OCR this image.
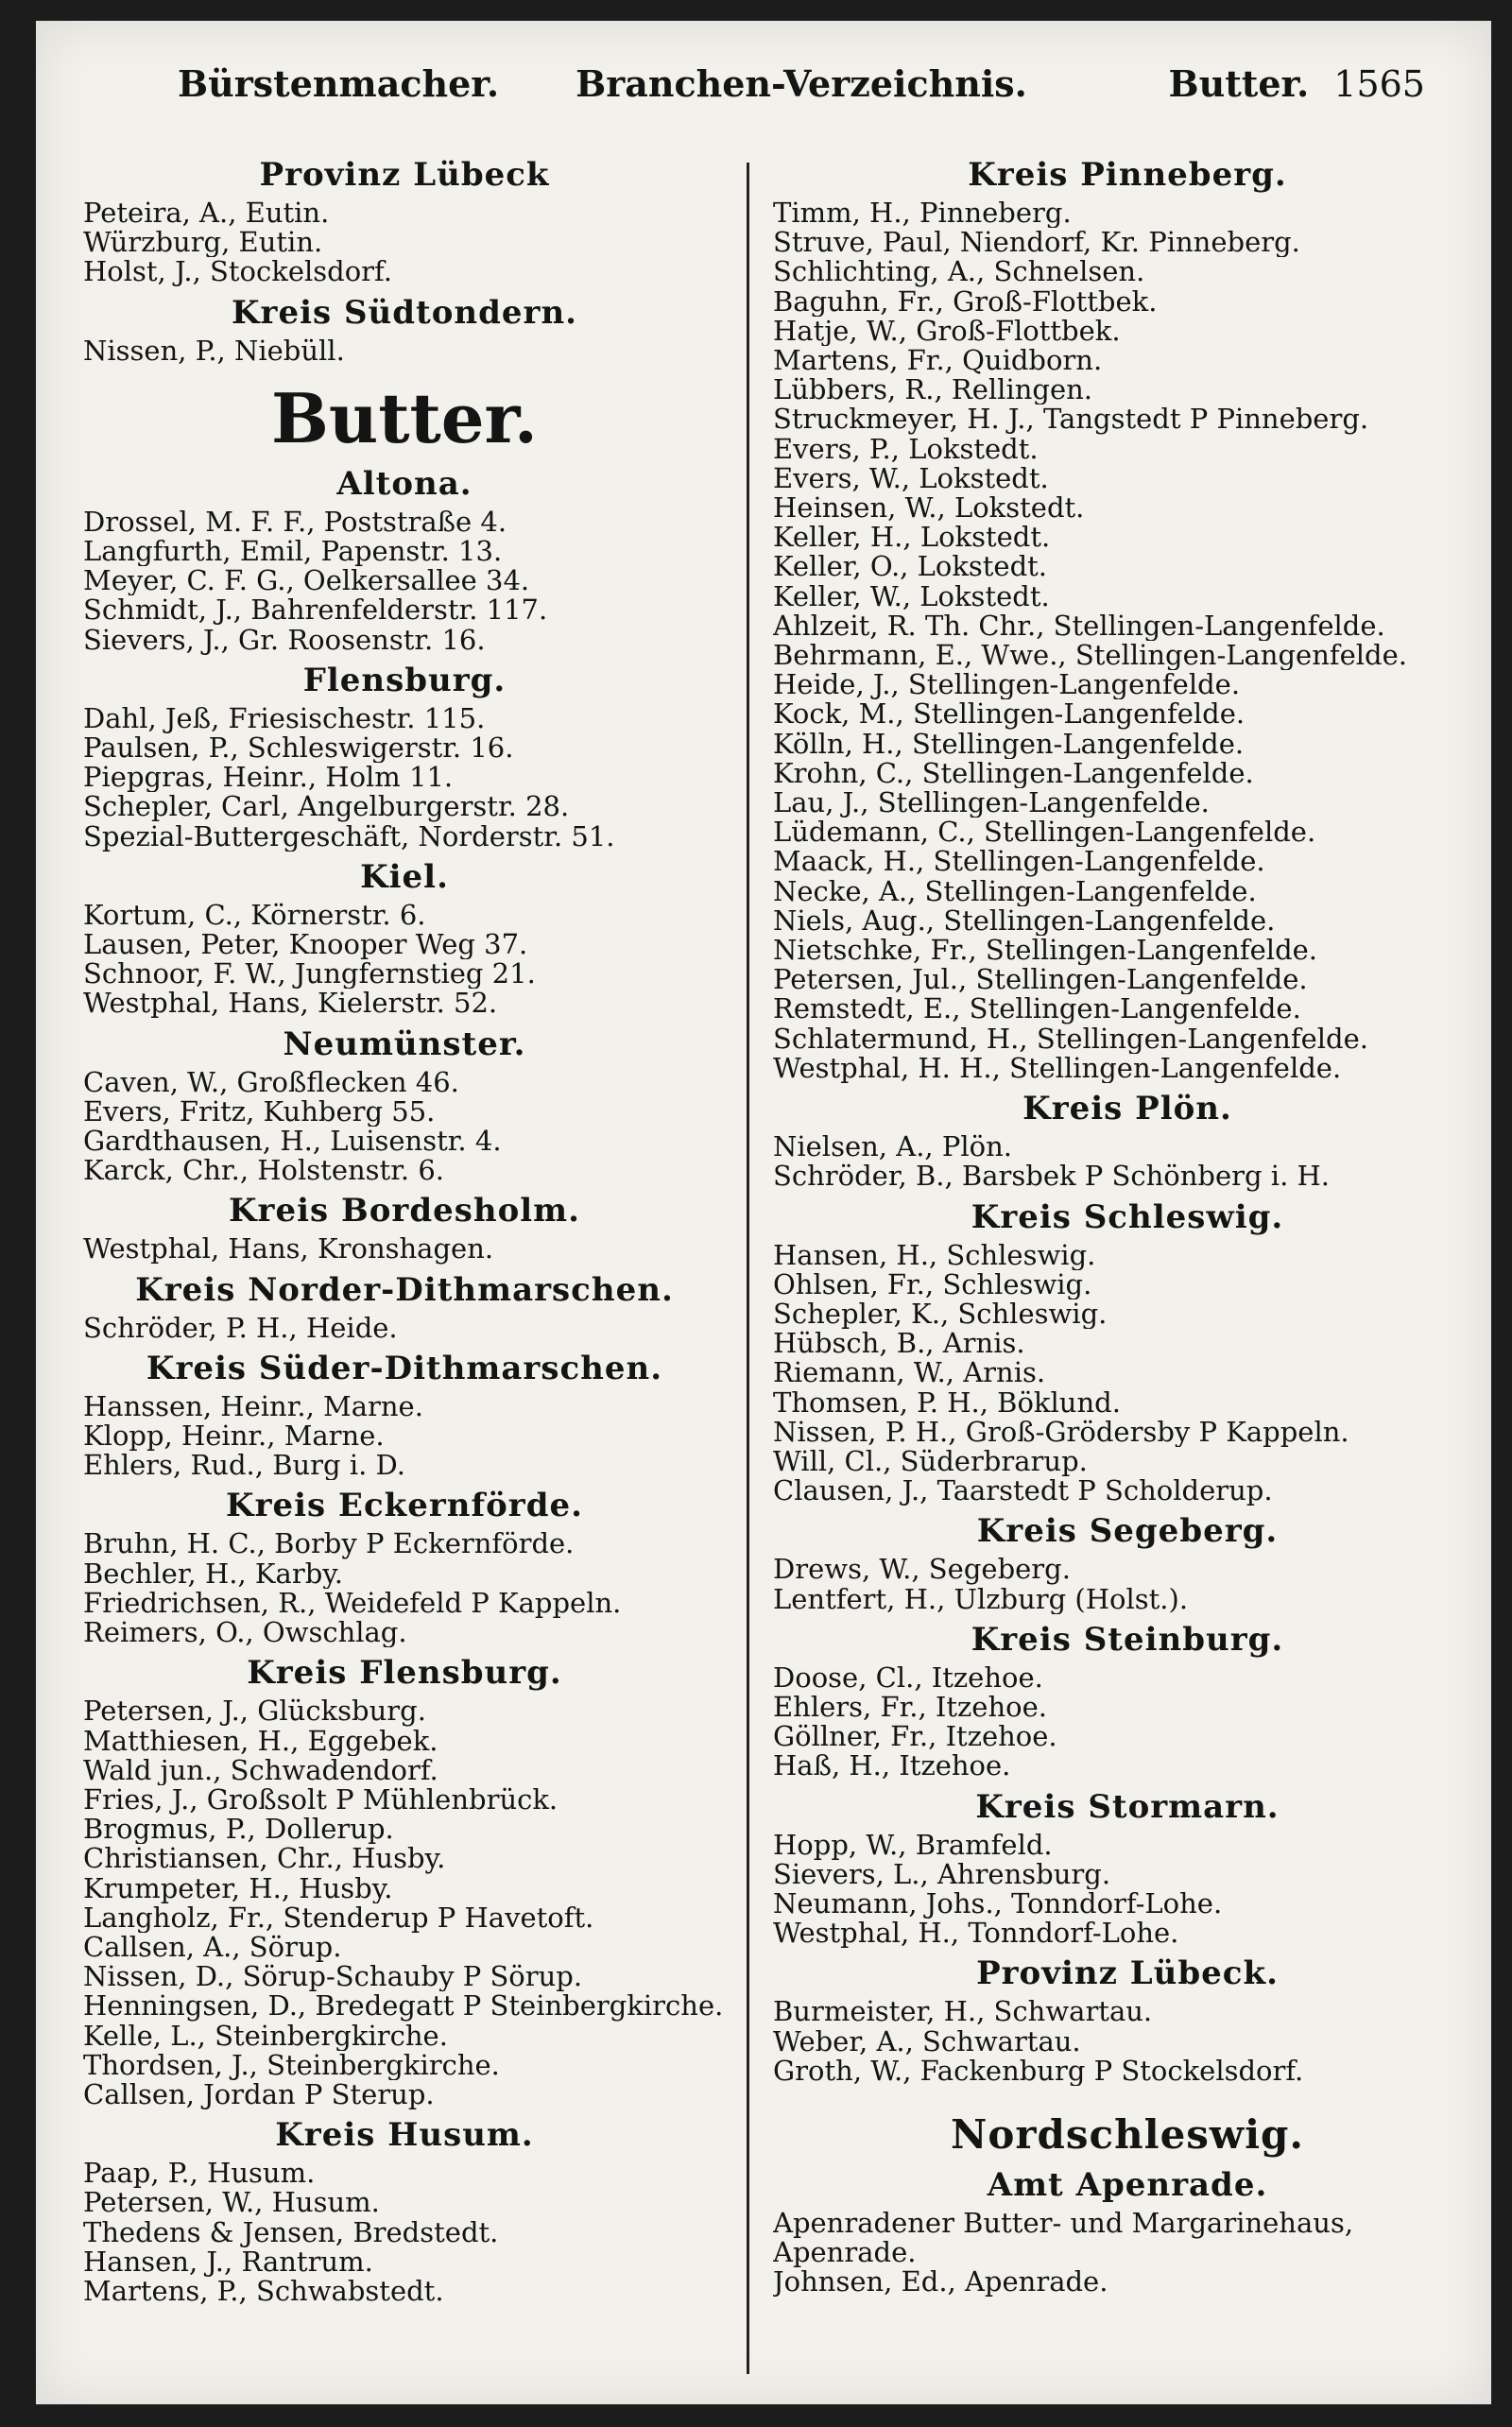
Bürstenmacher.	Branchen-Verzeichnis.	Butter. 1565
Provinz Lübeck
Peteira, A., Eutin.
Würzburg, Eutin.
Holst, J., Stockelsdorf.
Kreis Südtondern.
Nissen, P., Niebüll.
Butter.
Altona.
Drossel, M. F. F., Poststraße 4.
Langfurth, Emil, Papenstr. 13.
Meyer, C. F. G., Oelkersallee 34.
Schmidt, J., Bahrenfelderstr. 117.
Sievers, J., Gr. Roosenstr. 16.
Flensburg.
Dahl, Jeß, Friesischestr. 115.
Paulsen, P., Schleswigerstr. 16.
Piepgras, Heinr., Holm 11.
Schepler, Carl, Angelburgerstr. 28.
Spezial-Buttergeschäft, Norderstr. 51.
Kiel.
Kortum, C., Körnerstr. 6.
Lausen, Peter, Knooper Weg 37.
Schnoor, F. W., Jungfernstieg 21.
Westphal, Hans, Kielerstr. 52.
Neumünster.
Caven, W., Großflecken 46.
Evers, Fritz, Kuhberg 55.
Gardthausen, H., Luisenstr. 4.
Karck, Chr., Holstenstr. 6.
Kreis Bordesholm.
Westphal, Hans, Kronshagen.
Kreis Norder-Dithmarschen.
Schröder, P. H., Heide.
Kreis Süder-Dithmarschen.
Hanssen, Heinr., Marne.
Klopp, Heinr., Marne.
Ehlers, Rud., Burg i. D.
Kreis Eckernförde.
Bruhn, H. C., Borby P Eckernförde.
Bechler, H., Karby.
Friedrichsen, R., Weidefeld P Kappeln.
Reimers, O., Owschlag.
Kreis Flensburg.
Petersen, J., Glücksburg.
Matthiesen, H., Eggebek.
Wald jun., Schwadendorf.
Fries, J., Großsolt P Mühlenbrück.
Brogmus, P., Dollerup.
Christiansen, Chr., Husby.
Krumpeter, H., Husby.
Langholz, Fr., Stenderup P Havetoft.
Callsen, A., Sörup.
Nissen, D., Sörup-Schauby P Sörup.
Henningsen, D., Bredegatt P Steinbergkirche.
Kelle, L., Steinbergkirche.
Thordsen, J., Steinbergkirche.
Callsen, Jordan P Sterup.
Kreis Husum.
Paap, P., Husum.
Petersen, W., Husum.
Thedens & Jensen, Bredstedt.
Hansen, J., Rantrum.
Martens, P., Schwabstedt.
Kreis Pinneberg.
Timm, H., Pinneberg.
Struve, Paul, Niendorf, Kr. Pinneberg.
Schlichting, A., Schnelsen.
Baguhn, Fr., Groß-Flottbek.
Hatje, W., Groß-Flottbek.
Martens, Fr., Quidborn.
Lübbers, R., Rellingen.
Struckmeyer, H. J., Tangstedt P Pinneberg.
Evers, P., Lokstedt.
Evers, W., Lokstedt.
Heinsen, W., Lokstedt.
Keller, H., Lokstedt.
Keller, O., Lokstedt.
Keller, W., Lokstedt.
Ahlzeit, R. Th. Chr., Stellingen-Langenfelde.
Behrmann, E., Wwe., Stellingen-Langenfelde.
Heide, J., Stellingen-Langenfelde.
Kock, M., Stellingen-Langenfelde.
Kölln, H., Stellingen-Langenfelde.
Krohn, C., Stellingen-Langenfelde.
Lau, J., Stellingen-Langenfelde.
Lüdemann, C., Stellingen-Langenfelde.
Maack, H., Stellingen-Langenfelde.
Necke, A., Stellingen-Langenfelde.
Niels, Aug., Stellingen-Langenfelde.
Nietschke, Fr., Stellingen-Langenfelde.
Petersen, Jul., Stellingen-Langenfelde.
Remstedt, E., Stellingen-Langenfelde.
Schlatermund, H., Stellingen-Langenfelde.
Westphal, H. H., Stellingen-Langenfelde.
Kreis Plön.
Nielsen, A., Plön.
Schröder, B., Barsbek P Schönberg i. H.
Kreis Schleswig.
Hansen, H., Schleswig.
Ohlsen, Fr., Schleswig.
Schepler, K., Schleswig.
Hübsch, B., Arnis.
Riemann, W., Arnis.
Thomsen, P. H., Böklund.
Nissen, P. H., Groß-Grödersby P Kappeln.
Will, Cl., Süderbrarup.
Clausen, J., Taarstedt P Scholderup.
Kreis Segeberg.
Drews, W., Segeberg.
Lentfert, H., Ulzburg (Holst.).
Kreis Steinburg.
Doose, Cl., Itzehoe.
Ehlers, Fr., Itzehoe.
Göllner, Fr., Itzehoe.
Haß, H., Itzehoe.
Kreis Stormarn.
Hopp, W., Bramfeld.
Sievers, L., Ahrensburg.
Neumann, Johs., Tonndorf-Lohe.
Westphal, H., Tonndorf-Lohe.
Provinz Lübeck.
Burmeister, H., Schwartau.
Weber, A., Schwartau.
Groth, W., Fackenburg P Stockelsdorf.
Nordschleswig.
Amt Apenrade.
Apenradener Butter- und Margarinehaus, Apenrade.
Johnsen, Ed., Apenrade.
